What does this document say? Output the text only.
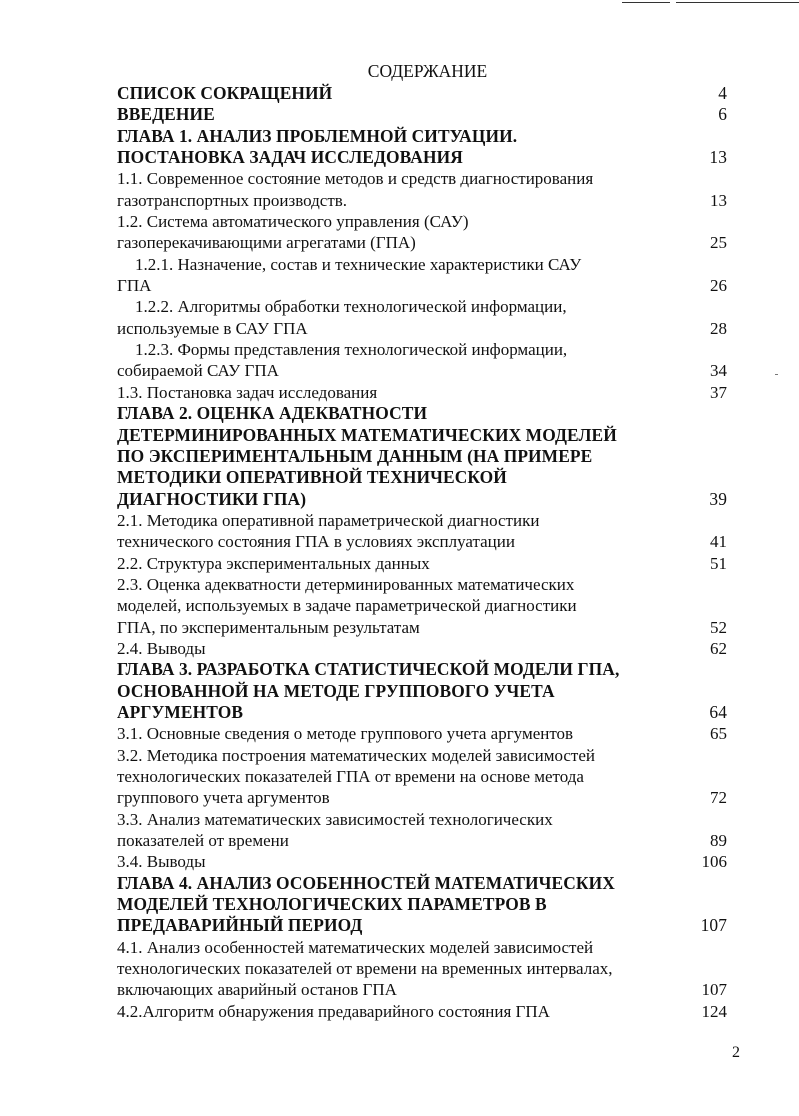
СОДЕРЖАНИЕ
СПИСОК СОКРАЩЕНИЙ	4
ВВЕДЕНИЕ	6
ГЛАВА 1. АНАЛИЗ ПРОБЛЕМНОЙ СИТУАЦИИ.
ПОСТАНОВКА ЗАДАЧ ИССЛЕДОВАНИЯ	13
1.1. Современное состояние методов и средств диагностирования
газотранспортных производств.	13
1.2. Система автоматического управления (САУ)
газоперекачивающими агрегатами (ГПА)	25
1.2.1. Назначение, состав и технические характеристики САУ
ГПА	26
1.2.2. Алгоритмы обработки технологической информации,
используемые в САУ ГПА	28
1.2.3. Формы представления технологической информации,
собираемой САУ ГПА	34
1.3. Постановка задач исследования	37
ГЛАВА 2. ОЦЕНКА АДЕКВАТНОСТИ
ДЕТЕРМИНИРОВАННЫХ МАТЕМАТИЧЕСКИХ МОДЕЛЕЙ
ПО ЭКСПЕРИМЕНТАЛЬНЫМ ДАННЫМ (НА ПРИМЕРЕ
МЕТОДИКИ ОПЕРАТИВНОЙ ТЕХНИЧЕСКОЙ
ДИАГНОСТИКИ ГПА)	39
2.1. Методика оперативной параметрической диагностики
технического состояния ГПА в условиях эксплуатации	41
2.2. Структура экспериментальных данных	51
2.3. Оценка адекватности детерминированных математических
моделей, используемых в задаче параметрической диагностики
ГПА, по экспериментальным результатам	52
2.4. Выводы	62
ГЛАВА 3. РАЗРАБОТКА СТАТИСТИЧЕСКОЙ МОДЕЛИ ГПА,
ОСНОВАННОЙ НА МЕТОДЕ ГРУППОВОГО УЧЕТА
АРГУМЕНТОВ	64
3.1. Основные сведения о методе группового учета аргументов	65
3.2. Методика построения математических моделей зависимостей
технологических показателей ГПА от времени на основе метода
группового учета аргументов	72
3.3. Анализ математических зависимостей технологических
показателей от времени	89
3.4. Выводы	106
ГЛАВА 4. АНАЛИЗ ОСОБЕННОСТЕЙ МАТЕМАТИЧЕСКИХ
МОДЕЛЕЙ ТЕХНОЛОГИЧЕСКИХ ПАРАМЕТРОВ В
ПРЕДАВАРИЙНЫЙ ПЕРИОД	107
4.1. Анализ особенностей математических моделей зависимостей
технологических показателей от времени на временных интервалах,
включающих аварийный останов ГПА	107
4.2.Алгоритм обнаружения предаварийного состояния ГПА	124
2
